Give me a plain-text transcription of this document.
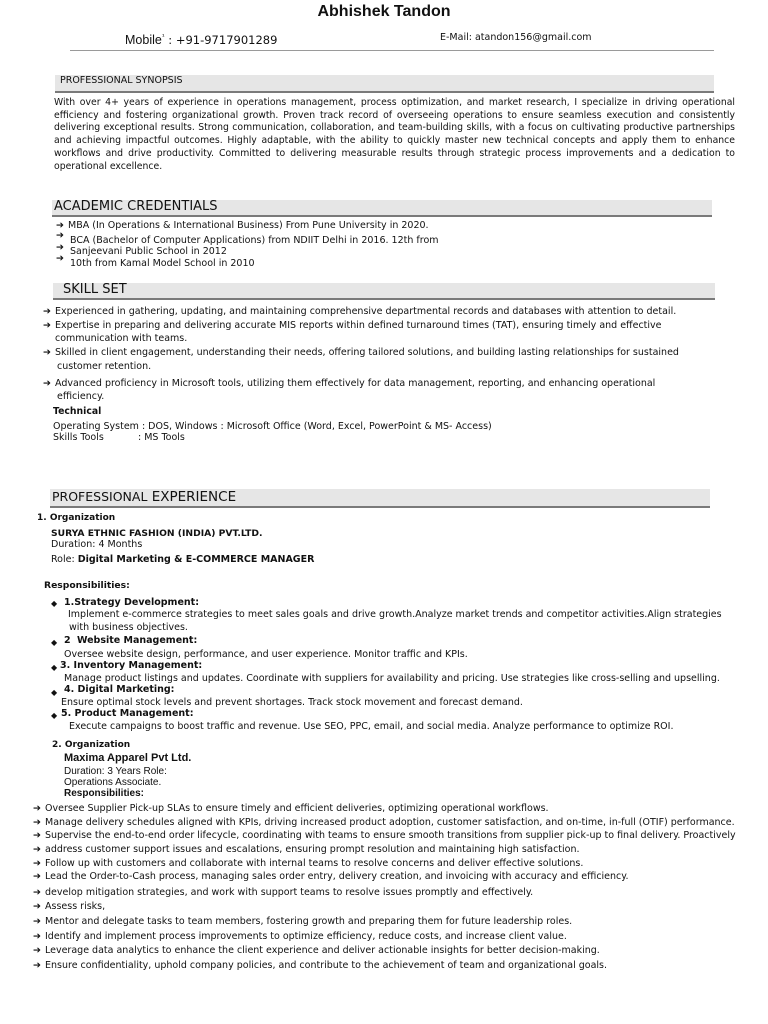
Abhishek Tandon
Mobile$^{^1}$ : +91-9717901289	E-Mail: atandon156@gmail.com
PROFESSIONAL SYNOPSIS
With over 4+ years of experience in operations management, process optimization, and market research, I specialize in driving operational efficiency and fostering organizational growth. Proven track record of overseeing operations to ensure seamless execution and consistently delivering exceptional results. Strong communication, collaboration, and team-building skills, with a focus on cultivating productive partnerships and achieving impactful outcomes. Highly adaptable, with the ability to quickly master new technical concepts and apply them to enhance workflows and drive productivity. Committed to delivering measurable results through strategic process improvements and a dedication to operational excellence.
ACADEMIC CREDENTIALS
➔ MBA (In Operations & International Business) From Pune University in 2020.
➔ BCA (Bachelor of Computer Applications) from NDIIT Delhi in 2016. 12th from
➔ Sanjeevani Public School in 2012
➔ 10th from Kamal Model School in 2010
SKILL SET
➔ Experienced in gathering, updating, and maintaining comprehensive departmental records and databases with attention to detail.
➔ Expertise in preparing and delivering accurate MIS reports within defined turnaround times (TAT), ensuring timely and effective
communication with teams.
➔ Skilled in client engagement, understanding their needs, offering tailored solutions, and building lasting relationships for sustained
customer retention.
➔ Advanced proficiency in Microsoft tools, utilizing them effectively for data management, reporting, and enhancing operational
efficiency.
Technical
Operating System : DOS, Windows : Microsoft Office (Word, Excel, PowerPoint & MS- Access)
Skills Tools	: MS Tools
PROFESSIONAL EXPERIENCE
1. Organization
SURYA ETHNIC FASHION (INDIA) PVT.LTD.
Duration: 4 Months
Role: Digital Marketing & E-COMMERCE MANAGER
Responsibilities:
◆ 1.Strategy Development:
Implement e-commerce strategies to meet sales goals and drive growth.Analyze market trends and competitor activities.Align strategies
with business objectives.
◆ 2 Website Management:
Oversee website design, performance, and user experience. Monitor traffic and KPIs.
◆ 3. Inventory Management:
Manage product listings and updates. Coordinate with suppliers for availability and pricing. Use strategies like cross-selling and upselling.
◆ 4. Digital Marketing:
Ensure optimal stock levels and prevent shortages. Track stock movement and forecast demand.
◆ 5. Product Management:
Execute campaigns to boost traffic and revenue. Use SEO, PPC, email, and social media. Analyze performance to optimize ROI.
2. Organization
Maxima Apparel Pvt Ltd.
Duration: 3 Years Role:
Operations Associate.
Responsibilities:
➔ Oversee Supplier Pick-up SLAs to ensure timely and efficient deliveries, optimizing operational workflows.
➔ Manage delivery schedules aligned with KPIs, driving increased product adoption, customer satisfaction, and on-time, in-full (OTIF) performance.
➔ Supervise the end-to-end order lifecycle, coordinating with teams to ensure smooth transitions from supplier pick-up to final delivery. Proactively
➔ address customer support issues and escalations, ensuring prompt resolution and maintaining high satisfaction.
➔ Follow up with customers and collaborate with internal teams to resolve concerns and deliver effective solutions.
➔ Lead the Order-to-Cash process, managing sales order entry, delivery creation, and invoicing with accuracy and efficiency.
➔ develop mitigation strategies, and work with support teams to resolve issues promptly and effectively.
➔ Assess risks,
➔ Mentor and delegate tasks to team members, fostering growth and preparing them for future leadership roles.
➔ Identify and implement process improvements to optimize efficiency, reduce costs, and increase client value.
➔ Leverage data analytics to enhance the client experience and deliver actionable insights for better decision-making.
➔ Ensure confidentiality, uphold company policies, and contribute to the achievement of team and organizational goals.
